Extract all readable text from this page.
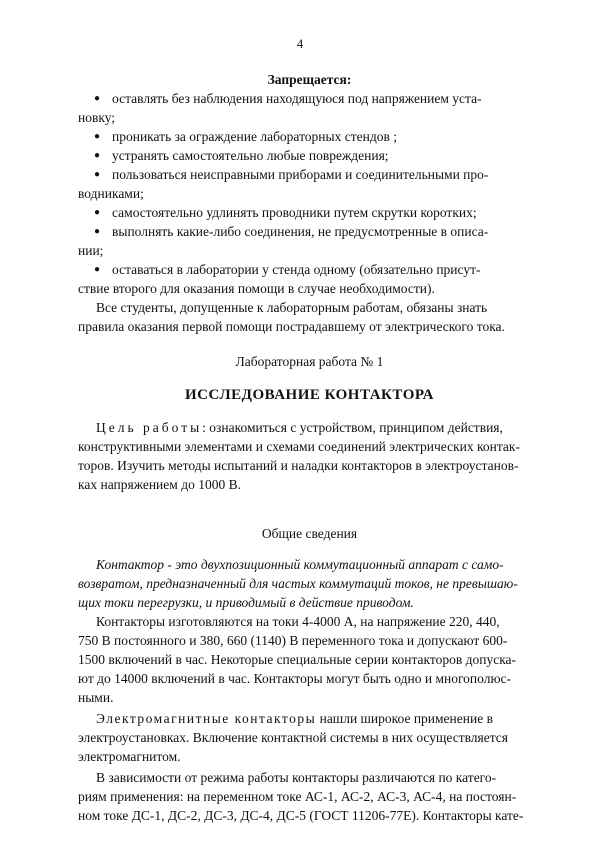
4
Запрещается:
● оставлять без наблюдения находящуюся под напряжением уста-
новку;
● проникать за ограждение лабораторных стендов ;
● устранять самостоятельно любые повреждения;
● пользоваться неисправными приборами и соединительными про-
водниками;
● самостоятельно удлинять проводники путем скрутки коротких;
● выполнять какие-либо соединения, не предусмотренные в описа-
нии;
● оставаться в лаборатории у стенда одному (обязательно присут-
ствие второго для оказания помощи в случае необходимости).

Все студенты, допущенные к лабораторным работам, обязаны знать

правила оказания первой помощи пострадавшему от электрического тока.

Лабораторная работа № 1
ИССЛЕДОВАНИЕ КОНТАКТОРА

Цель работы: ознакомиться с устройством, принципом действия,

конструктивными элементами и схемами соединений электрических контак-

торов. Изучить методы испытаний и наладки контакторов в электроустанов-

ках напряжением до 1000 В.

Общие сведения

Контактор - это двухпозиционный коммутационный аппарат с само-

возвратом, предназначенный для частых коммутаций токов, не превышаю-

щих токи перегрузки, и приводимый в действие приводом.

Контакторы изготовляются на токи 4-4000 А, на напряжение 220, 440,

750 В постоянного и 380, 660 (1140) В переменного тока и допускают 600-

1500 включений в час. Некоторые специальные серии контакторов допуска-

ют до 14000 включений в час. Контакторы могут быть одно и многополюс-

ными.

Электромагнитные контакторы нашли широкое применение в

электроустановках. Включение контактной системы в них осуществляется

электромагнитом.

В зависимости от режима работы контакторы различаются по катего-

риям применения: на переменном токе АС-1, АС-2, АС-3, АС-4, на постоян-

ном токе ДС-1, ДС-2, ДС-3, ДС-4, ДС-5 (ГОСТ 11206-77Е). Контакторы кате-
